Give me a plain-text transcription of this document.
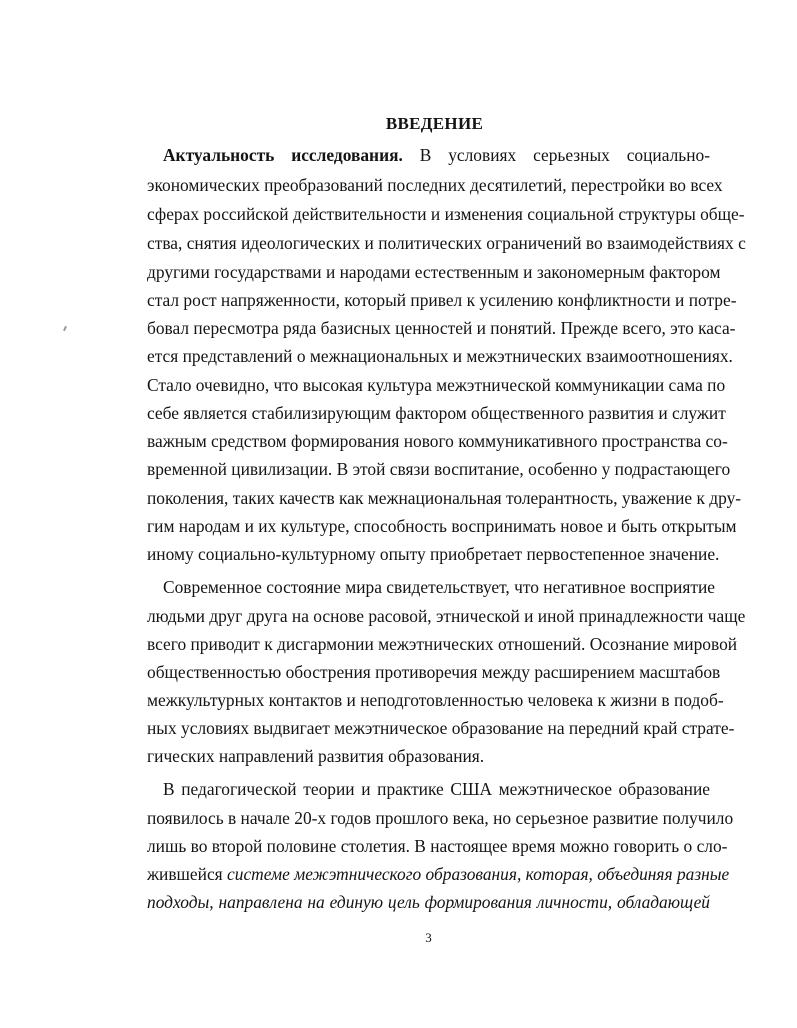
ВВЕДЕНИЕ
Актуальность исследования. В условиях серьезных социально-
экономических преобразований последних десятилетий, перестройки во всех
сферах российской действительности и изменения социальной структуры обще-
ства, снятия идеологических и политических ограничений во взаимодействиях с
другими государствами и народами естественным и закономерным фактором
стал рост напряженности, который привел к усилению конфликтности и потре-
бовал пересмотра ряда базисных ценностей и понятий. Прежде всего, это каса-
ется представлений о межнациональных и межэтнических взаимоотношениях.
Стало очевидно, что высокая культура межэтнической коммуникации сама по
себе является стабилизирующим фактором общественного развития и служит
важным средством формирования нового коммуникативного пространства со-
временной цивилизации. В этой связи воспитание, особенно у подрастающего
поколения, таких качеств как межнациональная толерантность, уважение к дру-
гим народам и их культуре, способность воспринимать новое и быть открытым
иному социально-культурному опыту приобретает первостепенное значение.
Современное состояние мира свидетельствует, что негативное восприятие
людьми друг друга на основе расовой, этнической и иной принадлежности чаще
всего приводит к дисгармонии межэтнических отношений. Осознание мировой
общественностью обострения противоречия между расширением масштабов
межкультурных контактов и неподготовленностью человека к жизни в подоб-
ных условиях выдвигает межэтническое образование на передний край страте-
гических направлений развития образования.
В педагогической теории и практике США межэтническое образование
появилось в начале 20-х годов прошлого века, но серьезное развитие получило
лишь во второй половине столетия. В настоящее время можно говорить о сло-
жившейся системе межэтнического образования, которая, объединяя разные
подходы, направлена на единую цель формирования личности, обладающей
3
